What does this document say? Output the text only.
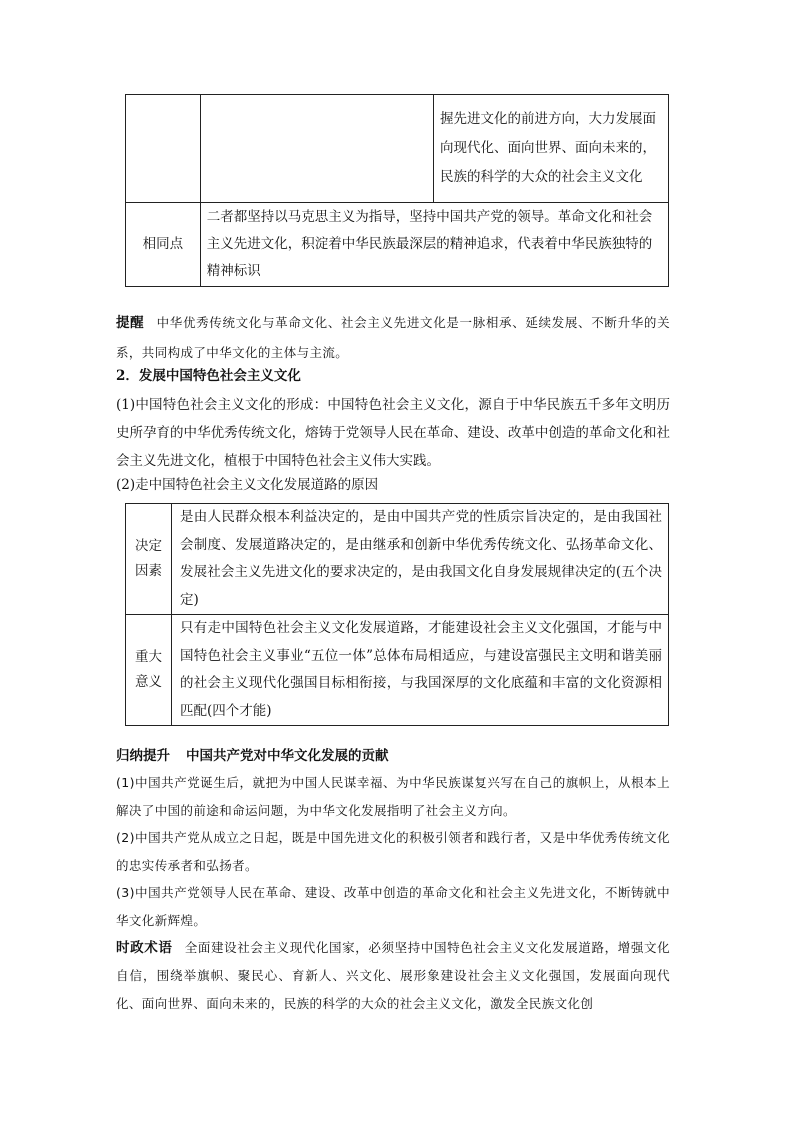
		握先进文化的前进方向，大力发展面向现代化、面向世界、面向未来的，民族的科学的大众的社会主义文化
相同点	二者都坚持以马克思主义为指导，坚持中国共产党的领导。革命文化和社会主义先进文化，积淀着中华民族最深层的精神追求，代表着中华民族独特的精神标识	
提醒 中华优秀传统文化与革命文化、社会主义先进文化是一脉相承、延续发展、不断升华的关系，共同构成了中华文化的主体与主流。
2．发展中国特色社会主义文化
(1)中国特色社会主义文化的形成：中国特色社会主义文化，源自于中华民族五千多年文明历史所孕育的中华优秀传统文化，熔铸于党领导人民在革命、建设、改革中创造的革命文化和社会主义先进文化，植根于中国特色社会主义伟大实践。
(2)走中国特色社会主义文化发展道路的原因
决定
因素	是由人民群众根本利益决定的，是由中国共产党的性质宗旨决定的，是由我国社会制度、发展道路决定的，是由继承和创新中华优秀传统文化、弘扬革命文化、发展社会主义先进文化的要求决定的，是由我国文化自身发展规律决定的(五个决定)

重大
意义	只有走中国特色社会主义文化发展道路，才能建设社会主义文化强国，才能与中国特色社会主义事业“五位一体”总体布局相适应，与建设富强民主文明和谐美丽的社会主义现代化强国目标相衔接，与我国深厚的文化底蕴和丰富的文化资源相匹配(四个才能)
归纳提升 中国共产党对中华文化发展的贡献
(1)中国共产党诞生后，就把为中国人民谋幸福、为中华民族谋复兴写在自己的旗帜上，从根本上解决了中国的前途和命运问题，为中华文化发展指明了社会主义方向。
(2)中国共产党从成立之日起，既是中国先进文化的积极引领者和践行者，又是中华优秀传统文化的忠实传承者和弘扬者。
(3)中国共产党领导人民在革命、建设、改革中创造的革命文化和社会主义先进文化，不断铸就中华文化新辉煌。
时政术语 全面建设社会主义现代化国家，必须坚持中国特色社会主义文化发展道路，增强文化自信，围绕举旗帜、聚民心、育新人、兴文化、展形象建设社会主义文化强国，发展面向现代化、面向世界、面向未来的，民族的科学的大众的社会主义文化，激发全民族文化创
